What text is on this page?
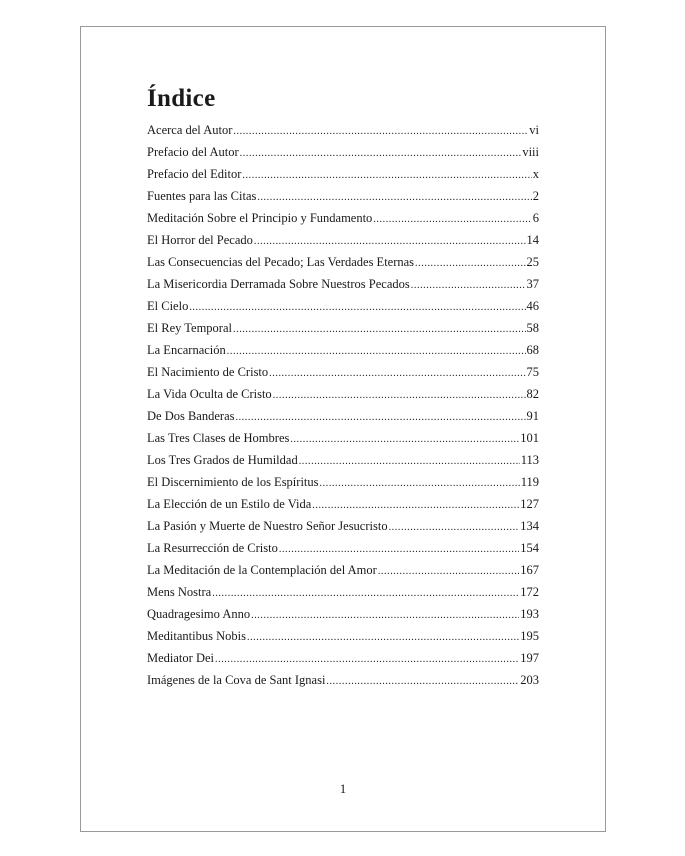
Índice
Acerca del Autor .....	vi
Prefacio del Autor .....	viii
Prefacio del Editor .....	x
Fuentes para las Citas .....	2
Meditación Sobre el Principio y Fundamento .....	6
El Horror del Pecado .....	14
Las Consecuencias del Pecado; Las Verdades Eternas .....	25
La Misericordia Derramada Sobre Nuestros Pecados .....	37
El Cielo .....	46
El Rey Temporal .....	58
La Encarnación .....	68
El Nacimiento de Cristo .....	75
La Vida Oculta de Cristo .....	82
De Dos Banderas .....	91
Las Tres Clases de Hombres .....	101
Los Tres Grados de Humildad .....	113
El Discernimiento de los Espíritus .....	119
La Elección de un Estilo de Vida .....	127
La Pasión y Muerte de Nuestro Señor Jesucristo .....	134
La Resurrección de Cristo .....	154
La Meditación de la Contemplación del Amor .....	167
Mens Nostra .....	172
Quadragesimo Anno .....	193
Meditantibus Nobis .....	195
Mediator Dei .....	197
Imágenes de la Cova de Sant Ignasi .....	203
1
